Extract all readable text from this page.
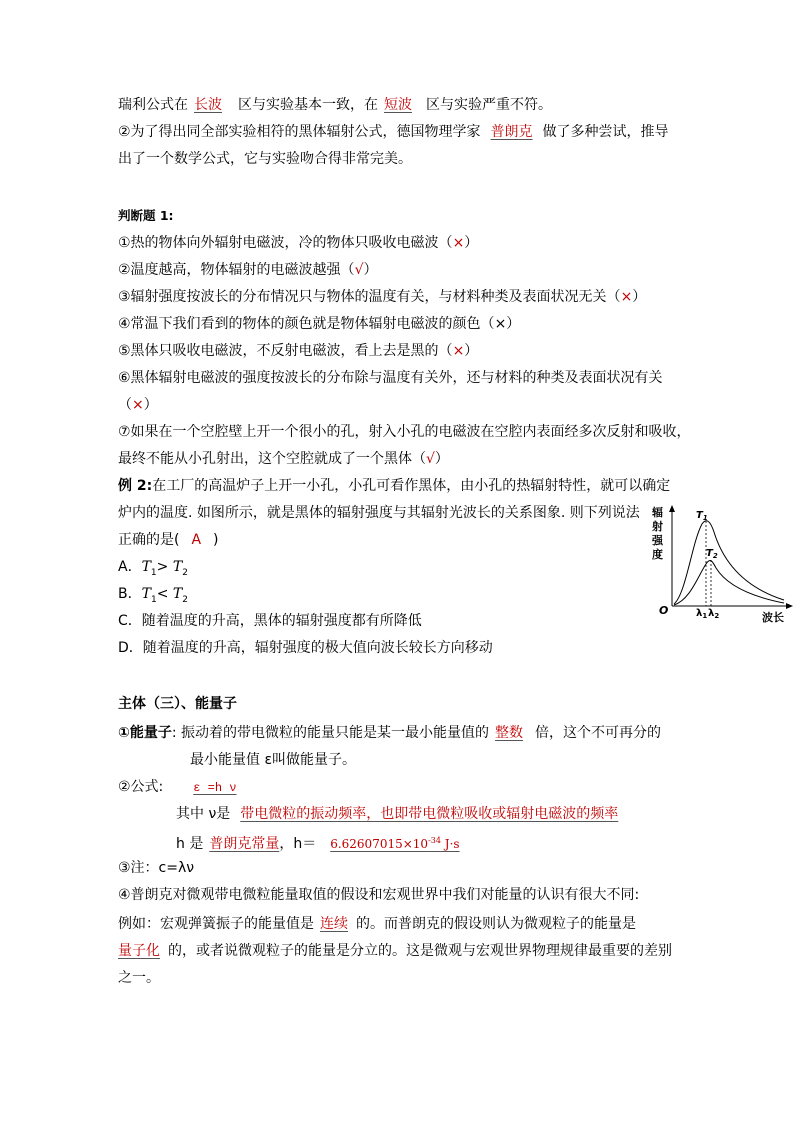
瑞利公式在 长波 区与实验基本一致，在 短波 区与实验严重不符。
②为了得出同全部实验相符的黑体辐射公式，德国物理学家 普朗克 做了多种尝试，推导
出了一个数学公式，它与实验吻合得非常完美。
判断题 1:
①热的物体向外辐射电磁波，冷的物体只吸收电磁波（×）
②温度越高，物体辐射的电磁波越强（√）
③辐射强度按波长的分布情况只与物体的温度有关，与材料种类及表面状况无关（×）
④常温下我们看到的物体的颜色就是物体辐射电磁波的颜色（×）
⑤黑体只吸收电磁波，不反射电磁波，看上去是黑的（×）
⑥黑体辐射电磁波的强度按波长的分布除与温度有关外，还与材料的种类及表面状况有关
（×）
⑦如果在一个空腔壁上开一个很小的孔，射入小孔的电磁波在空腔内表面经多次反射和吸收，
最终不能从小孔射出，这个空腔就成了一个黑体（√）
例 2:在工厂的高温炉子上开一小孔，小孔可看作黑体，由小孔的热辐射特性，就可以确定
炉内的温度. 如图所示，就是黑体的辐射强度与其辐射光波长的关系图象. 则下列说法
正确的是( A )
A．$T_1> T_2$
B．$T_1< T_2$
C．随着温度的升高，黑体的辐射强度都有所降低
D．随着温度的升高，辐射强度的极大值向波长较长方向移动
辐
射
强
度
O
波长
$T_1$
$T_2$
$\lambda_1$ $\lambda_2$
主体（三）、能量子
①能量子: 振动着的带电微粒的能量只能是某一最小能量值的 整数 倍，这个不可再分的
最小能量值 ε叫做能量子。
②公式:	ε =h ν
其中 ν是 带电微粒的振动频率，也即带电微粒吸收或辐射电磁波的频率
h 是 普朗克常量，$h= 6.62607015\times 10^{-34}$ J·s
③注：c=λν
④普朗克对微观带电微粒能量取值的假设和宏观世界中我们对能量的认识有很大不同:
例如：宏观弹簧振子的能量值是 连续 的。而普朗克的假设则认为微观粒子的能量是
量子化 的，或者说微观粒子的能量是分立的。这是微观与宏观世界物理规律最重要的差别
之一。
